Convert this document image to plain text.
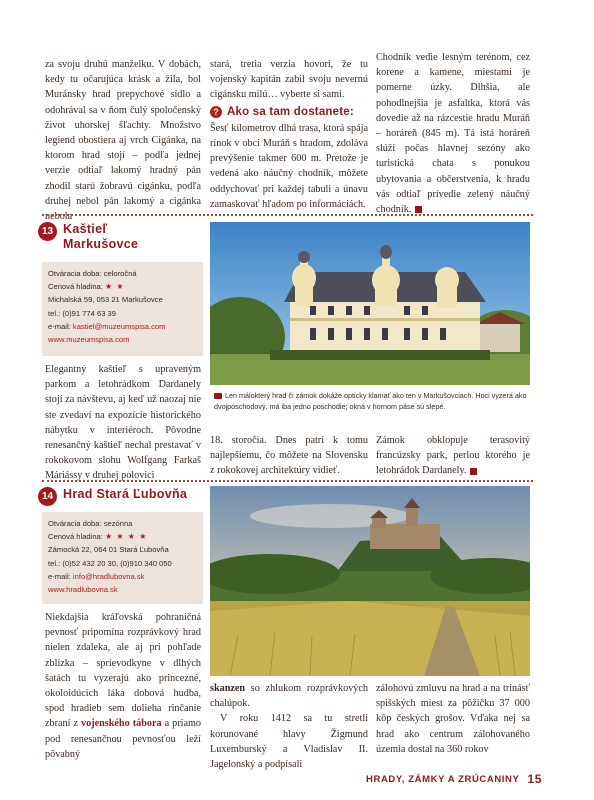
za svoju druhú manželku. V dobách, kedy tu očarujúca krásk a žila, bol Muránsky hrad prepychové sídlo a odohrával sa v ňom čulý spoločenský život uhorskej šľachty. Množstvo legiend obostiera aj vrch Cigánka, na ktorom hrad stojí – podľa jednej verzie odtiaľ lakomý hradný pán zhodil starú žobravú cigánku, podľa druhej nebol pán lakomý a cigánka nebola

stará, tretia verzia hovorí, že tu vojenský kapitán zabil svoju nevernú cigánsku milú… vyberte si sami.

? Ako sa tam dostanete:

Šesť kilometrov dlhá trasa, ktorá spája rínok v obci Muráň s hradom, zdoláva prevýšenie takmer 600 m. Pretože je vedená ako náučný chodník, môžete oddychovať pri každej tabuli a únavu zamaskovať hľadom po informáciách.

Chodník vedie lesným terénom, cez korene a kamene, miestami je pomerne úzky. Dlhšia, ale pohodlnejšia je asfaltka, ktorá vás dovedie až na rázcestie hradu Muráň – horáreň (845 m). Tá istá horáreň slúži počas hlavnej sezóny ako turistická chata s ponukou ubytovania a občerstvenia, k hradu vás odtiaľ privedie zelený náučný chodník.

13 Kaštieľ
Markušovce
Otváracia doba: celoročná
Cenová hladina: ★ ★
Michalská 59, 053 21 Markušovce
tel.: (0)91 774 63 39
e-mail: kastiel@muzeumspisa.com
www.muzeumspisa.com

Elegantný kaštieľ s upraveným parkom a letohrádkom Dardanely stojí za návštevu, aj keď už naozaj nie ste zvedaví na expozície historického nábytku v interiéroch. Pôvodne renesančný kaštieľ nechal prestavať v rokokovom slohu Wolfgang Farkaš Máriássy v druhej polovici

Len málokterý hrad či zámok dokáže opticky klamať ako ten v Markušovciach. Hoci vyzerá ako dvojposchodový, má iba jedno poschodie; okná v hornom páse sú slepé.

18. storočia. Dnes patrí k tomu najlepšiemu, čo môžete na Slovensku z rokokovej architektúry vidieť.

Zámok obklopuje terasovitý francúzsky park, perlou ktorého je letohrádok Dardanely.

14 Hrad Stará Ľubovňa
Otváracia doba: sezónna
Cenová hladina: ★ ★ ★ ★
Zámocká 22, 064 01 Stará Ľubovňa
tel.: (0)52 432 20 30, (0)910 340 050
e-mail: info@hradlubovna.sk
www.hradlubovna.sk

Niekdajšia kráľovská pohraničná pevnosť pripomína rozprávkový hrad nielen zdaleka, ale aj pri pohľade zblízka – sprievodkyne v dlhých šatách tu vyzerajú ako princezné, okoloidúcich láka dobová hudba, spod hradieb sem dolieha rinčanie zbraní z vojenského tábora a priamo pod renesančnou pevnosťou leží pôvabný

skanzen so zhlukom rozprávkových chalúpok.

V roku 1412 sa tu stretli korunované hlavy Žigmund Luxemburský a Vladislav II. Jagelonský a podpísali

zálohovú zmluvu na hrad a na trinásť spišských miest za pôžičku 37 000 kôp českých grošov. Vďaka nej sa hrad ako centrum zálohovaného územia dostal na 360 rokov

HRADY, ZÁMKY A ZRÚCANINY 15
